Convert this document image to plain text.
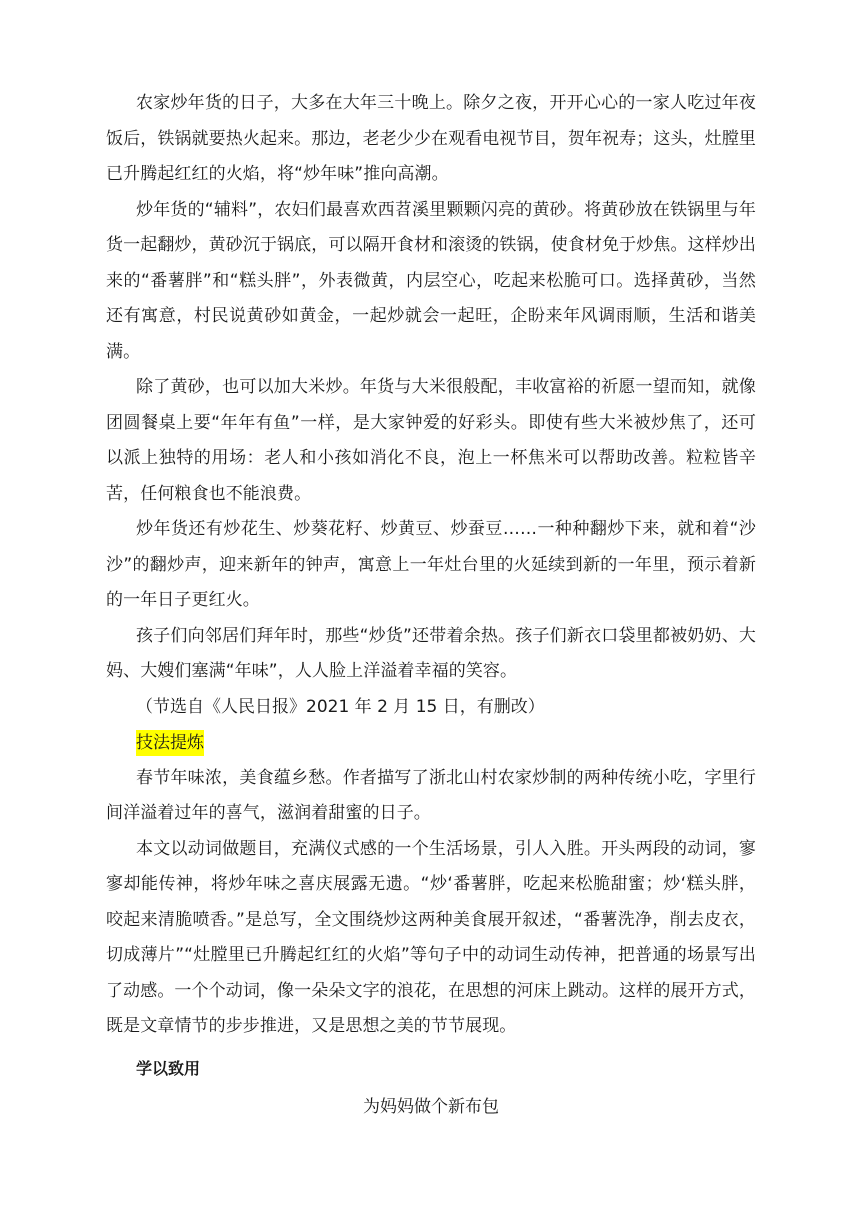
农家炒年货的日子，大多在大年三十晚上。除夕之夜，开开心心的一家人吃过年夜饭后，铁锅就要热火起来。那边，老老少少在观看电视节目，贺年祝寿；这头，灶膛里已升腾起红红的火焰，将“炒年味”推向高潮。

炒年货的“辅料”，农妇们最喜欢西苕溪里颗颗闪亮的黄砂。将黄砂放在铁锅里与年货一起翻炒，黄砂沉于锅底，可以隔开食材和滚烫的铁锅，使食材免于炒焦。这样炒出来的“番薯胖”和“糕头胖”，外表微黄，内层空心，吃起来松脆可口。选择黄砂，当然还有寓意，村民说黄砂如黄金，一起炒就会一起旺，企盼来年风调雨顺，生活和谐美满。

除了黄砂，也可以加大米炒。年货与大米很般配，丰收富裕的祈愿一望而知，就像团圆餐桌上要“年年有鱼”一样，是大家钟爱的好彩头。即使有些大米被炒焦了，还可以派上独特的用场：老人和小孩如消化不良，泡上一杯焦米可以帮助改善。粒粒皆辛苦，任何粮食也不能浪费。

炒年货还有炒花生、炒葵花籽、炒黄豆、炒蚕豆……一种种翻炒下来，就和着“沙沙”的翻炒声，迎来新年的钟声，寓意上一年灶台里的火延续到新的一年里，预示着新的一年日子更红火。

孩子们向邻居们拜年时，那些“炒货”还带着余热。孩子们新衣口袋里都被奶奶、大妈、大嫂们塞满“年味”，人人脸上洋溢着幸福的笑容。

（节选自《人民日报》2021 年 2 月 15 日，有删改）

技法提炼

春节年味浓，美食蕴乡愁。作者描写了浙北山村农家炒制的两种传统小吃，字里行间洋溢着过年的喜气，滋润着甜蜜的日子。

本文以动词做题目，充满仪式感的一个生活场景，引人入胜。开头两段的动词，寥寥却能传神，将炒年味之喜庆展露无遗。“炒‘番薯胖，吃起来松脆甜蜜；炒‘糕头胖，咬起来清脆喷香。”是总写，全文围绕炒这两种美食展开叙述，“番薯洗净，削去皮衣，切成薄片”“灶膛里已升腾起红红的火焰”等句子中的动词生动传神，把普通的场景写出了动感。一个个动词，像一朵朵文字的浪花，在思想的河床上跳动。这样的展开方式，既是文章情节的步步推进，又是思想之美的节节展现。

学以致用

为妈妈做个新布包
